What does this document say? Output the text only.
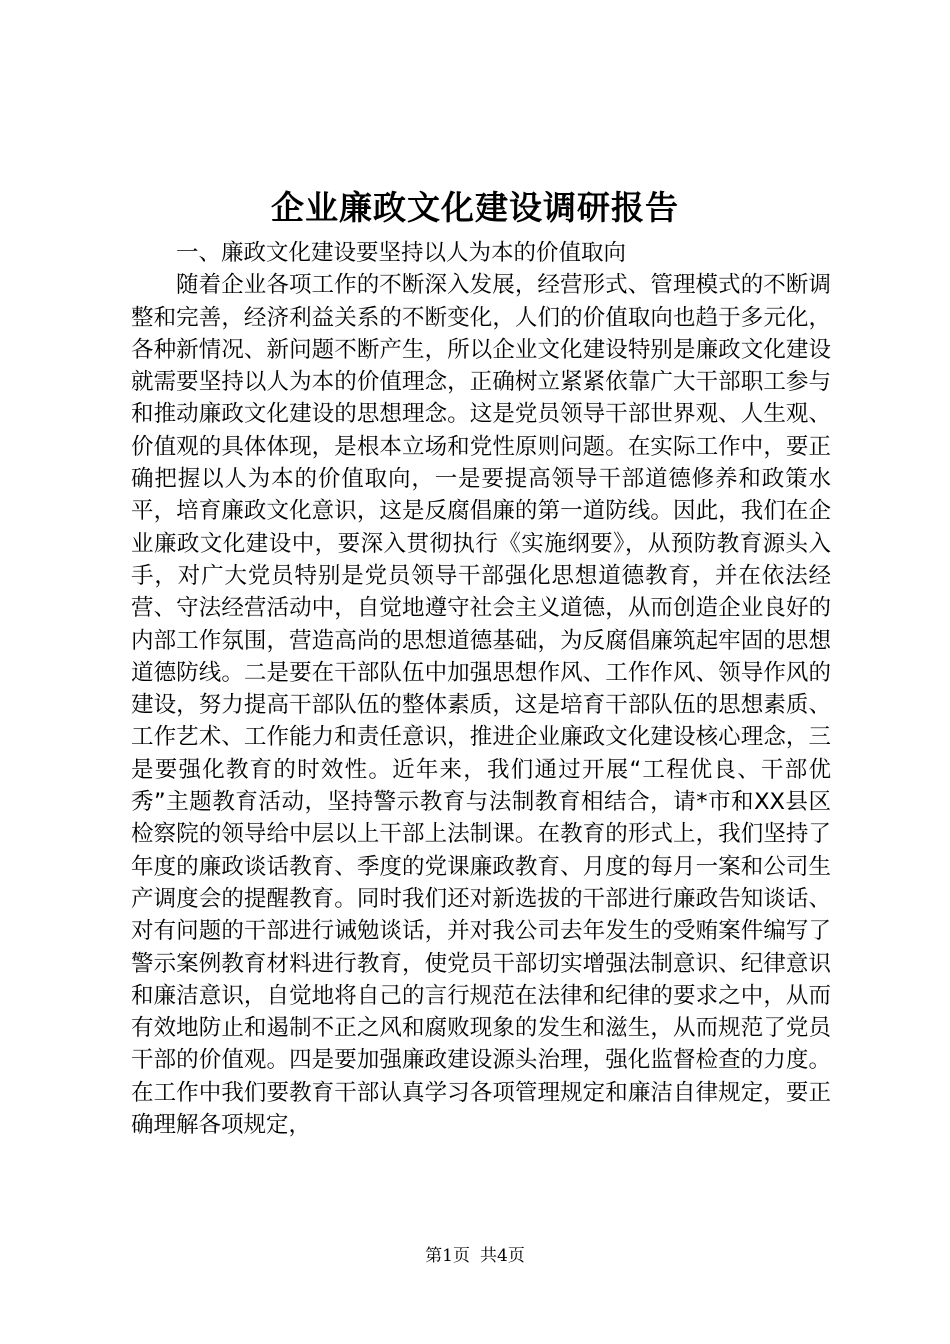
企业廉政文化建设调研报告

一、廉政文化建设要坚持以人为本的价值取向

随着企业各项工作的不断深入发展，经营形式、管理模式的不断调整和完善，经济利益关系的不断变化，人们的价值取向也趋于多元化，各种新情况、新问题不断产生，所以企业文化建设特别是廉政文化建设就需要坚持以人为本的价值理念，正确树立紧紧依靠广大干部职工参与和推动廉政文化建设的思想理念。这是党员领导干部世界观、人生观、价值观的具体体现，是根本立场和党性原则问题。在实际工作中，要正确把握以人为本的价值取向，一是要提高领导干部道德修养和政策水平，培育廉政文化意识，这是反腐倡廉的第一道防线。因此，我们在企业廉政文化建设中，要深入贯彻执行《实施纲要》，从预防教育源头入手，对广大党员特别是党员领导干部强化思想道德教育，并在依法经营、守法经营活动中，自觉地遵守社会主义道德，从而创造企业良好的内部工作氛围，营造高尚的思想道德基础，为反腐倡廉筑起牢固的思想道德防线。二是要在干部队伍中加强思想作风、工作作风、领导作风的建设，努力提高干部队伍的整体素质，这是培育干部队伍的思想素质、工作艺术、工作能力和责任意识，推进企业廉政文化建设核心理念，三是要强化教育的时效性。近年来，我们通过开展“工程优良、干部优秀”主题教育活动，坚持警示教育与法制教育相结合，请*市和XX县区检察院的领导给中层以上干部上法制课。在教育的形式上，我们坚持了年度的廉政谈话教育、季度的党课廉政教育、月度的每月一案和公司生产调度会的提醒教育。同时我们还对新选拔的干部进行廉政告知谈话、对有问题的干部进行诫勉谈话，并对我公司去年发生的受贿案件编写了警示案例教育材料进行教育，使党员干部切实增强法制意识、纪律意识和廉洁意识，自觉地将自己的言行规范在法律和纪律的要求之中，从而有效地防止和遏制不正之风和腐败现象的发生和滋生，从而规范了党员干部的价值观。四是要加强廉政建设源头治理，强化监督检查的力度。在工作中我们要教育干部认真学习各项管理规定和廉洁自律规定，要正确理解各项规定，

第1页 共4页
